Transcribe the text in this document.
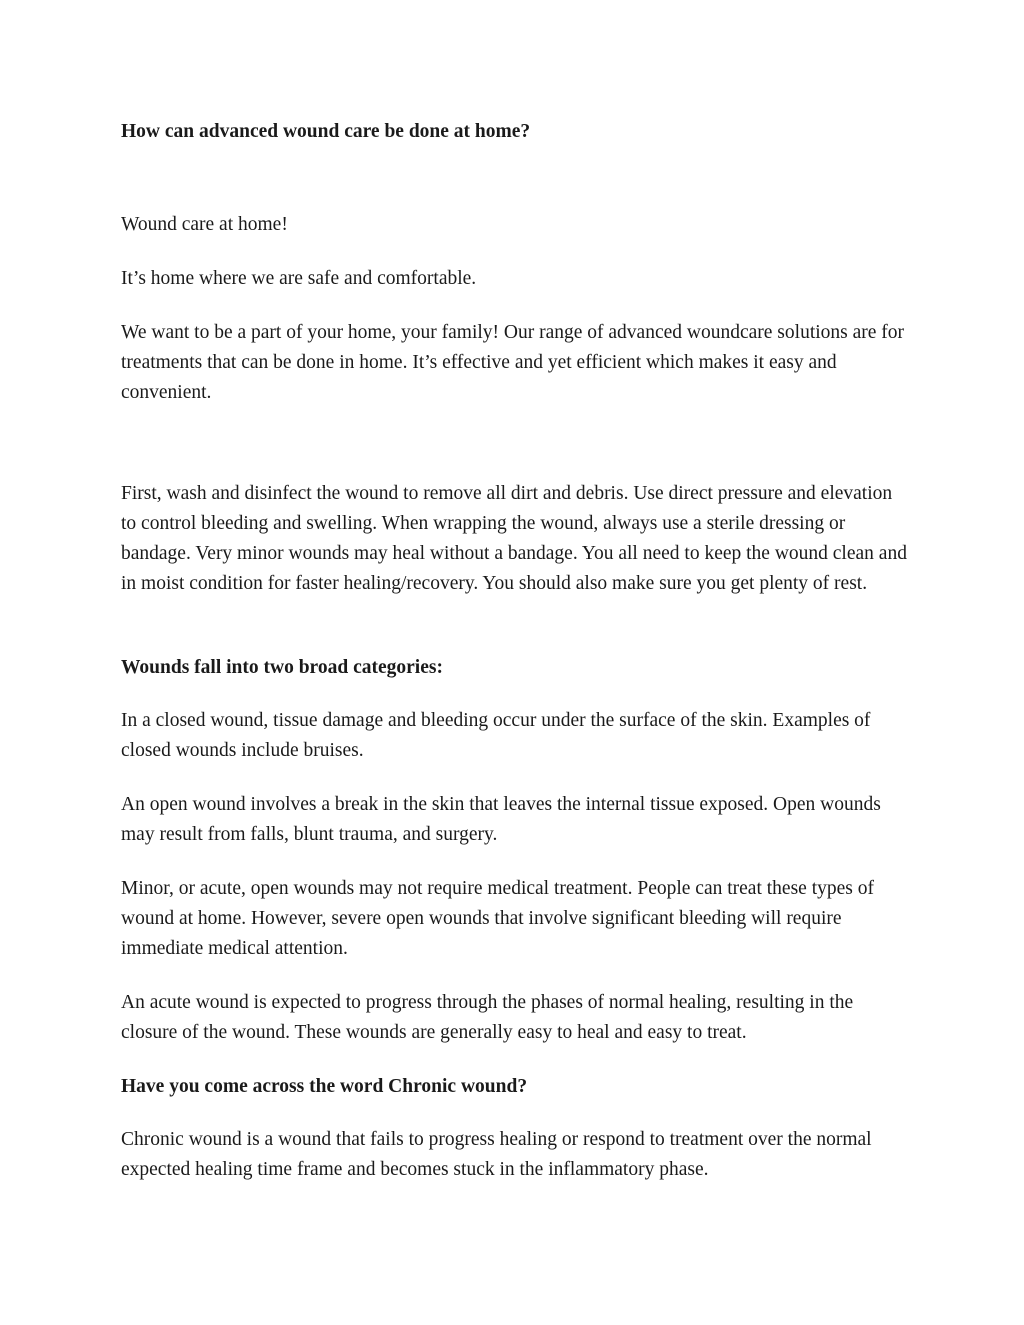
How can advanced wound care be done at home?

Wound care at home!

It’s home where we are safe and comfortable.

We want to be a part of your home, your family! Our range of advanced woundcare solutions are for treatments that can be done in home. It’s effective and yet efficient which makes it easy and convenient.

First, wash and disinfect the wound to remove all dirt and debris. Use direct pressure and elevation to control bleeding and swelling. When wrapping the wound, always use a sterile dressing or bandage. Very minor wounds may heal without a bandage. You all need to keep the wound clean and in moist condition for faster healing/recovery. You should also make sure you get plenty of rest.

Wounds fall into two broad categories:

In a closed wound, tissue damage and bleeding occur under the surface of the skin. Examples of closed wounds include bruises.

An open wound involves a break in the skin that leaves the internal tissue exposed. Open wounds may result from falls, blunt trauma, and surgery.

Minor, or acute, open wounds may not require medical treatment. People can treat these types of wound at home. However, severe open wounds that involve significant bleeding will require immediate medical attention.

An acute wound is expected to progress through the phases of normal healing, resulting in the closure of the wound. These wounds are generally easy to heal and easy to treat.

Have you come across the word Chronic wound?

Chronic wound is a wound that fails to progress healing or respond to treatment over the normal expected healing time frame and becomes stuck in the inflammatory phase.
